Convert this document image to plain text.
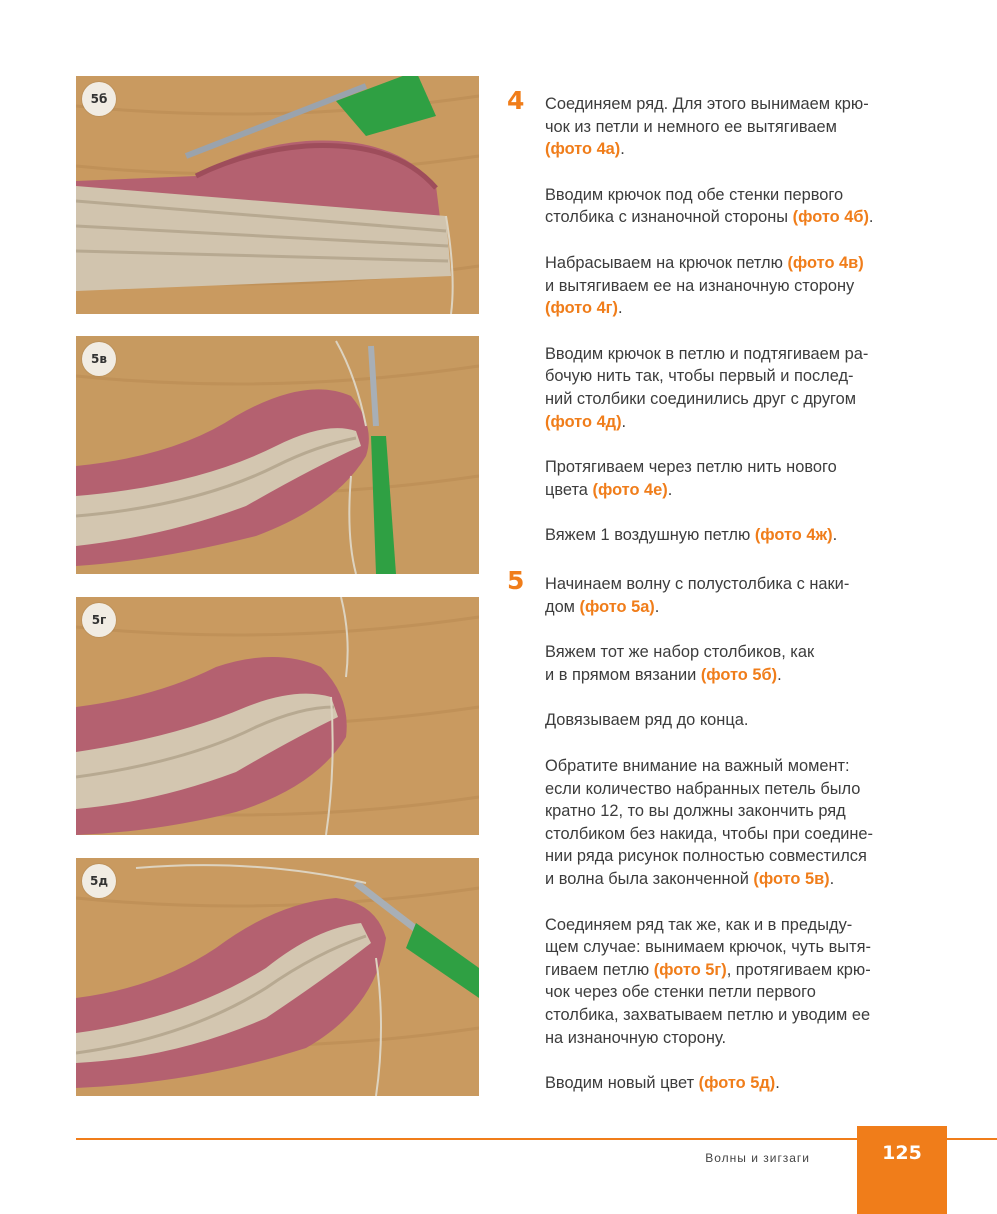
5б
5в
5г
5д
4 Соединяем ряд. Для этого вынимаем крю-
чок из петли и немного ее вытягиваем
(фото 4а).

Вводим крючок под обе стенки первого
столбика с изнаночной стороны (фото 4б).

Набрасываем на крючок петлю (фото 4в)
и вытягиваем ее на изнаночную сторону
(фото 4г).

Вводим крючок в петлю и подтягиваем ра-
бочую нить так, чтобы первый и послед-
ний столбики соединились друг с другом
(фото 4д).

Протягиваем через петлю нить нового
цвета (фото 4е).

Вяжем 1 воздушную петлю (фото 4ж).

5 Начинаем волну с полустолбика с наки-
дом (фото 5а).

Вяжем тот же набор столбиков, как
и в прямом вязании (фото 5б).

Довязываем ряд до конца.

Обратите внимание на важный момент:
если количество набранных петель было
кратно 12, то вы должны закончить ряд
столбиком без накида, чтобы при соедине-
нии ряда рисунок полностью совместился
и волна была законченной (фото 5в).

Соединяем ряд так же, как и в предыду-
щем случае: вынимаем крючок, чуть вытя-
гиваем петлю (фото 5г), протягиваем крю-
чок через обе стенки петли первого
столбика, захватываем петлю и уводим ее
на изнаночную сторону.

Вводим новый цвет (фото 5д).

Волны и зигзаги	125
